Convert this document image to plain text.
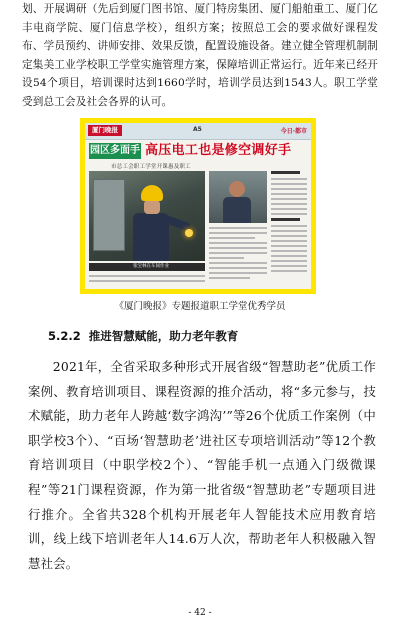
划、开展调研（先后到厦门图书馆、厦门特房集团、厦门船舶重工、厦门亿丰电商学院、厦门信息学校），组织方案；按照总工会的要求做好课程发布、学员预约、讲师安排、效果反馈，配置设施设备。建立健全管理机制制定集美工业学校职工学堂实施管理方案，保障培训正常运行。近年来已经开设54个项目，培训课时达到1660学时，培训学员达到1543人。职工学堂受到总工会及社会各界的认可。

厦门晚报	A5	今日·都市
园区多面手 高压电工也是修空调好手
市总工会职工学堂开课惠及职工
张宝林在车间作业
《厦门晚报》专题报道职工学堂优秀学员
5.2.2 推进智慧赋能，助力老年教育

2021年，全省采取多种形式开展省级“智慧助老”优质工作案例、教育培训项目、课程资源的推介活动，将“多元参与，技术赋能，助力老年人跨越‘数字鸿沟’”等26个优质工作案例（中职学校3个）、“百场‘智慧助老’进社区专项培训活动”等12个教育培训项目（中职学校2个）、“智能手机一点通入门级微课程”等21门课程资源，作为第一批省级“智慧助老”专题项目进行推介。全省共328个机构开展老年人智能技术应用教育培训，线上线下培训老年人14.6万人次，帮助老年人积极融入智慧社会。

- 42 -
